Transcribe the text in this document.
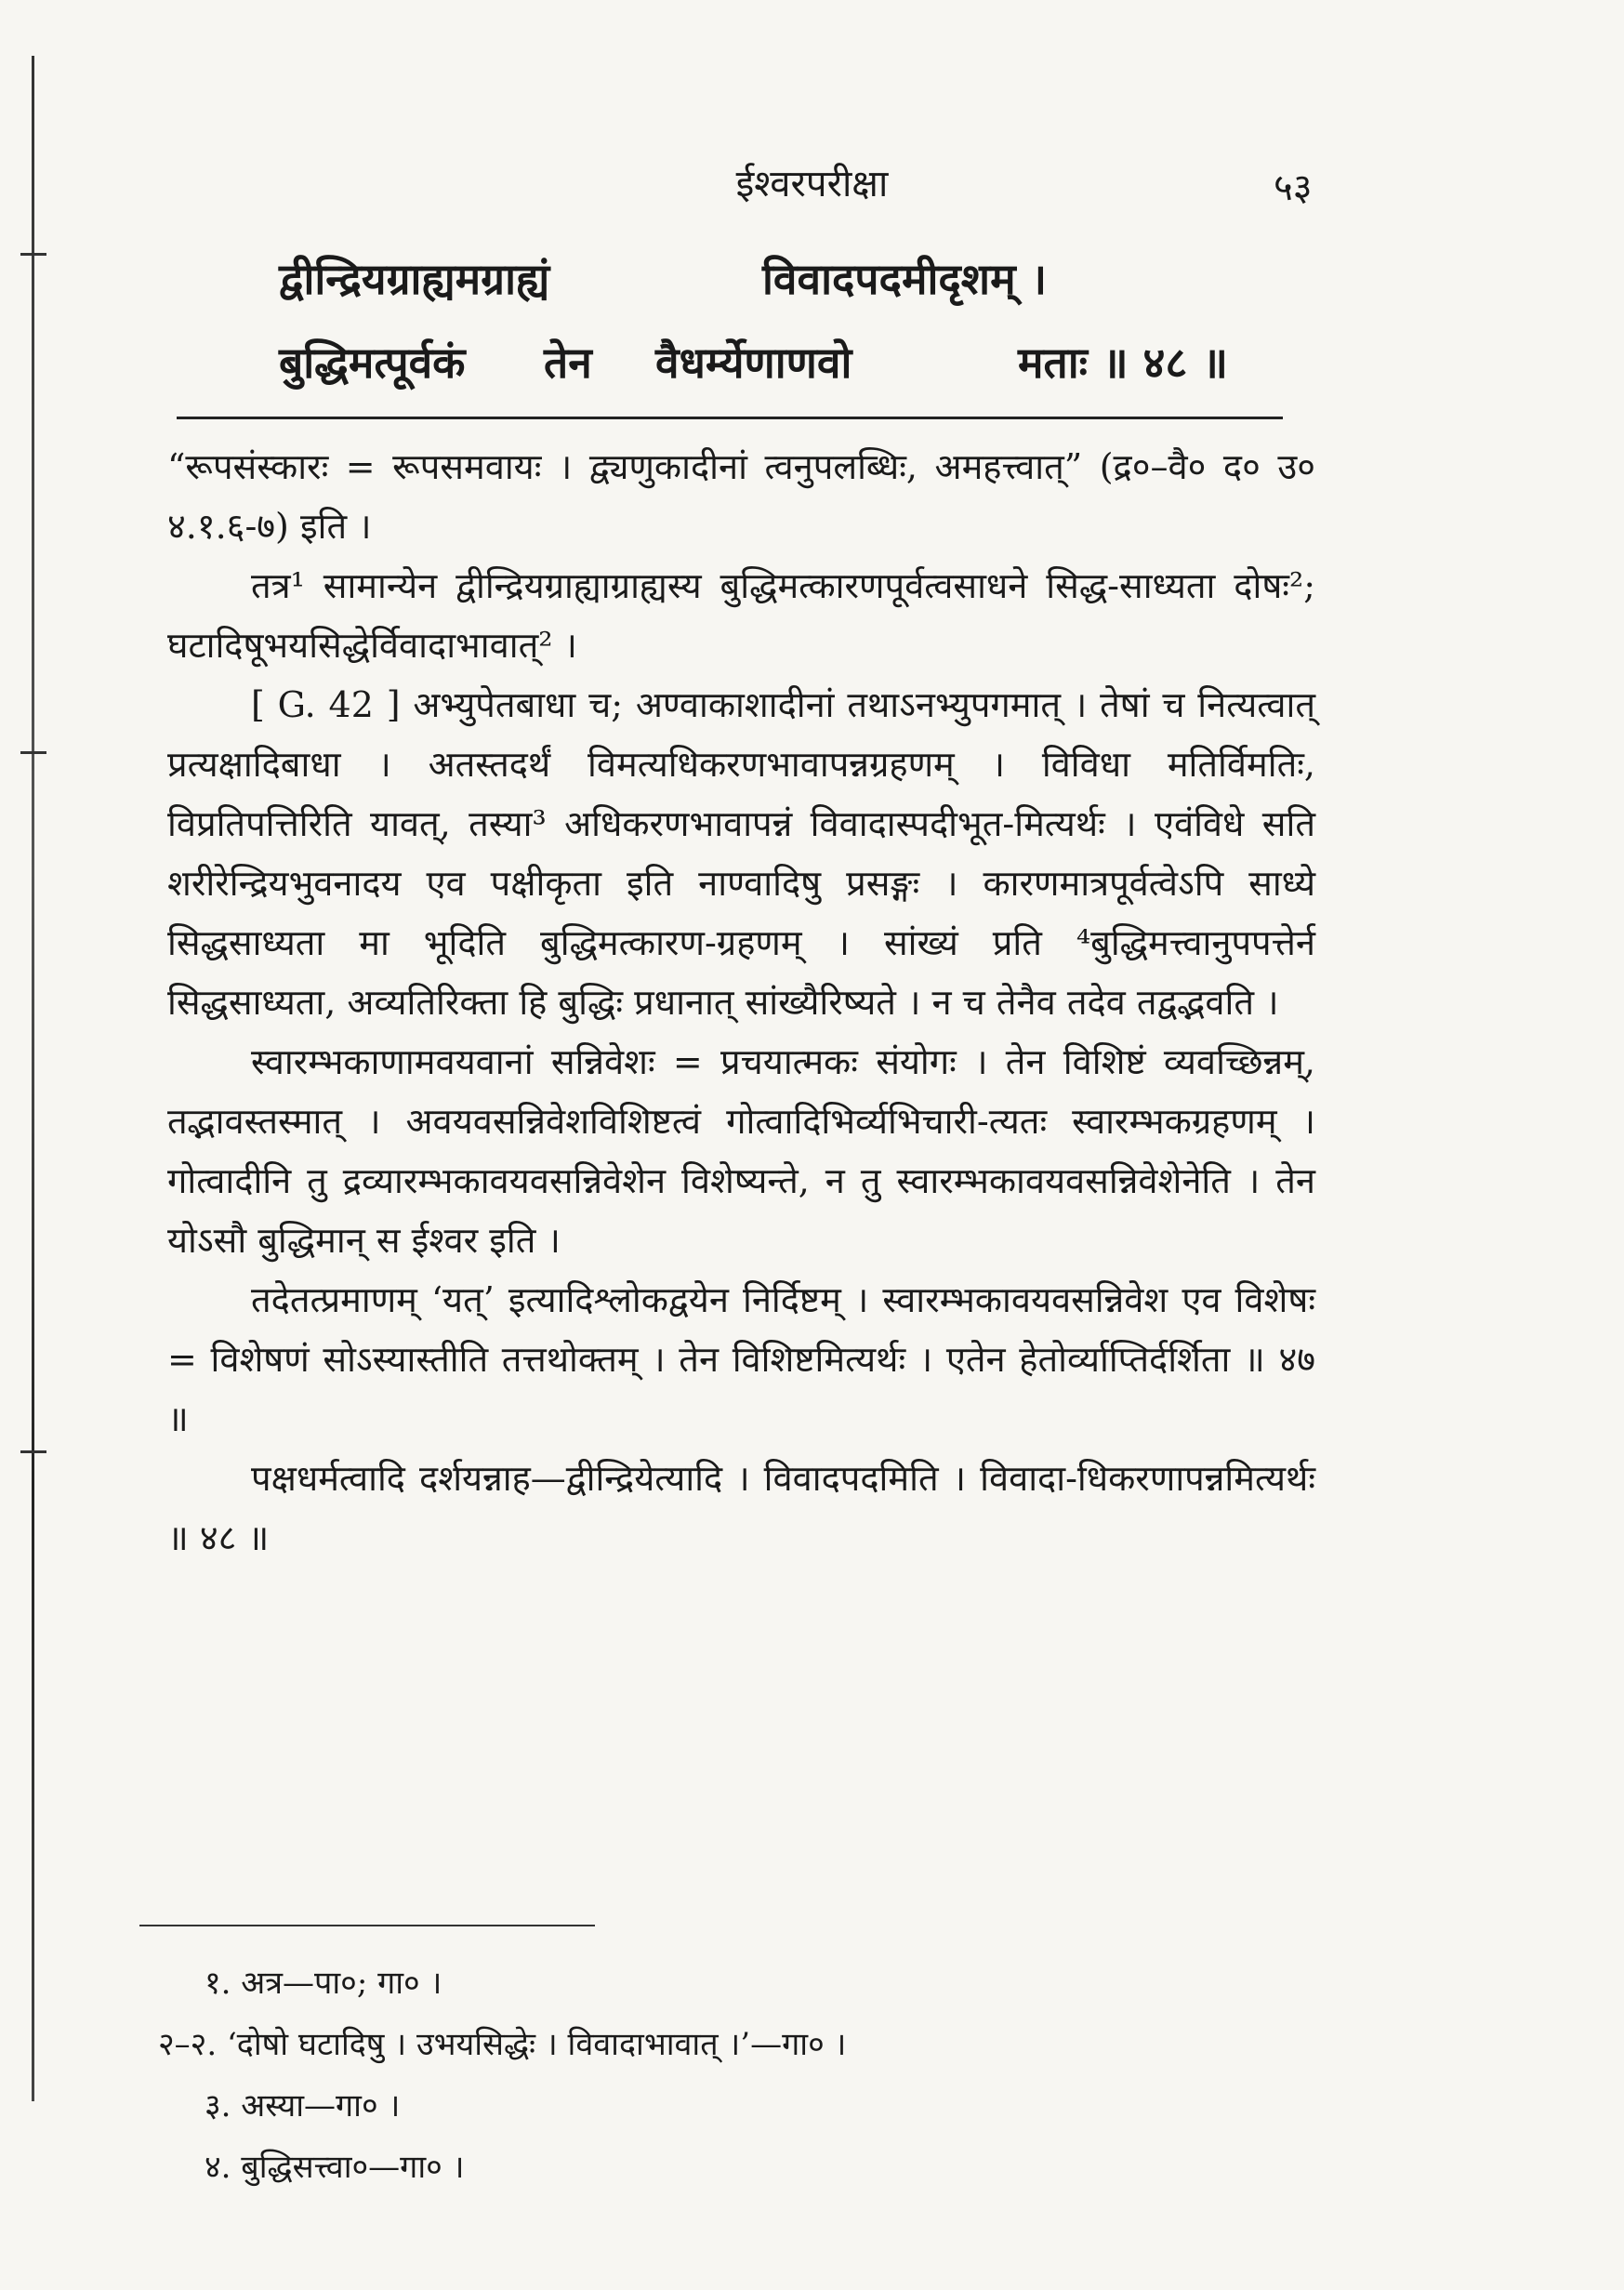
ईश्वरपरीक्षा	५३
द्वीन्द्रियग्राह्यमग्राह्यं	विवादपदमीदृशम् ।
बुद्धिमत्पूर्वकं तेन वैधर्म्येणाणवो	मताः ॥ ४८ ॥

“रूपसंस्कारः = रूपसमवायः । द्व्यणुकादीनां त्वनुपलब्धिः, अमहत्त्वात्” (द्र०–वै० द० उ० ४.१.६-७) इति ।

तत्र¹ सामान्येन द्वीन्द्रियग्राह्याग्राह्यस्य बुद्धिमत्कारणपूर्वत्वसाधने सिद्ध-साध्यता दोषः²; घटादिषूभयसिद्धेर्विवादाभावात्² ।

[ G. 42 ] अभ्युपेतबाधा च; अण्वाकाशादीनां तथाऽनभ्युपगमात् । तेषां च नित्यत्वात् प्रत्यक्षादिबाधा । अतस्तदर्थं विमत्यधिकरणभावापन्नग्रहणम् । विविधा मतिर्विमतिः, विप्रतिपत्तिरिति यावत्, तस्या³ अधिकरणभावापन्नं विवादास्पदीभूत-मित्यर्थः । एवंविधे सति शरीरेन्द्रियभुवनादय एव पक्षीकृता इति नाण्वादिषु प्रसङ्गः । कारणमात्रपूर्वत्वेऽपि साध्ये सिद्धसाध्यता मा भूदिति बुद्धिमत्कारण-ग्रहणम् । सांख्यं प्रति ⁴बुद्धिमत्त्वानुपपत्तेर्न सिद्धसाध्यता, अव्यतिरिक्ता हि बुद्धिः प्रधानात् सांख्यैरिष्यते । न च तेनैव तदेव तद्वद्भवति ।

स्वारम्भकाणामवयवानां सन्निवेशः = प्रचयात्मकः संयोगः । तेन विशिष्टं व्यवच्छिन्नम्, तद्भावस्तस्मात् । अवयवसन्निवेशविशिष्टत्वं गोत्वादिभिर्व्यभिचारी-त्यतः स्वारम्भकग्रहणम् । गोत्वादीनि तु द्रव्यारम्भकावयवसन्निवेशेन विशेष्यन्ते, न तु स्वारम्भकावयवसन्निवेशेनेति । तेन योऽसौ बुद्धिमान् स ईश्वर इति ।

तदेतत्प्रमाणम् ‘यत्’ इत्यादिश्लोकद्वयेन निर्दिष्टम् । स्वारम्भकावयवसन्निवेश एव विशेषः = विशेषणं सोऽस्यास्तीति तत्तथोक्तम् । तेन विशिष्टमित्यर्थः । एतेन हेतोर्व्याप्तिर्दर्शिता ॥ ४७ ॥

पक्षधर्मत्वादि दर्शयन्नाह—द्वीन्द्रियेत्यादि । विवादपदमिति । विवादा-धिकरणापन्नमित्यर्थः ॥ ४८ ॥

१. अत्र—पा०; गा० ।
२–२. ‘दोषो घटादिषु । उभयसिद्धेः । विवादाभावात् ।’—गा० ।
३. अस्या—गा० ।
४. बुद्धिसत्त्वा०—गा० ।
